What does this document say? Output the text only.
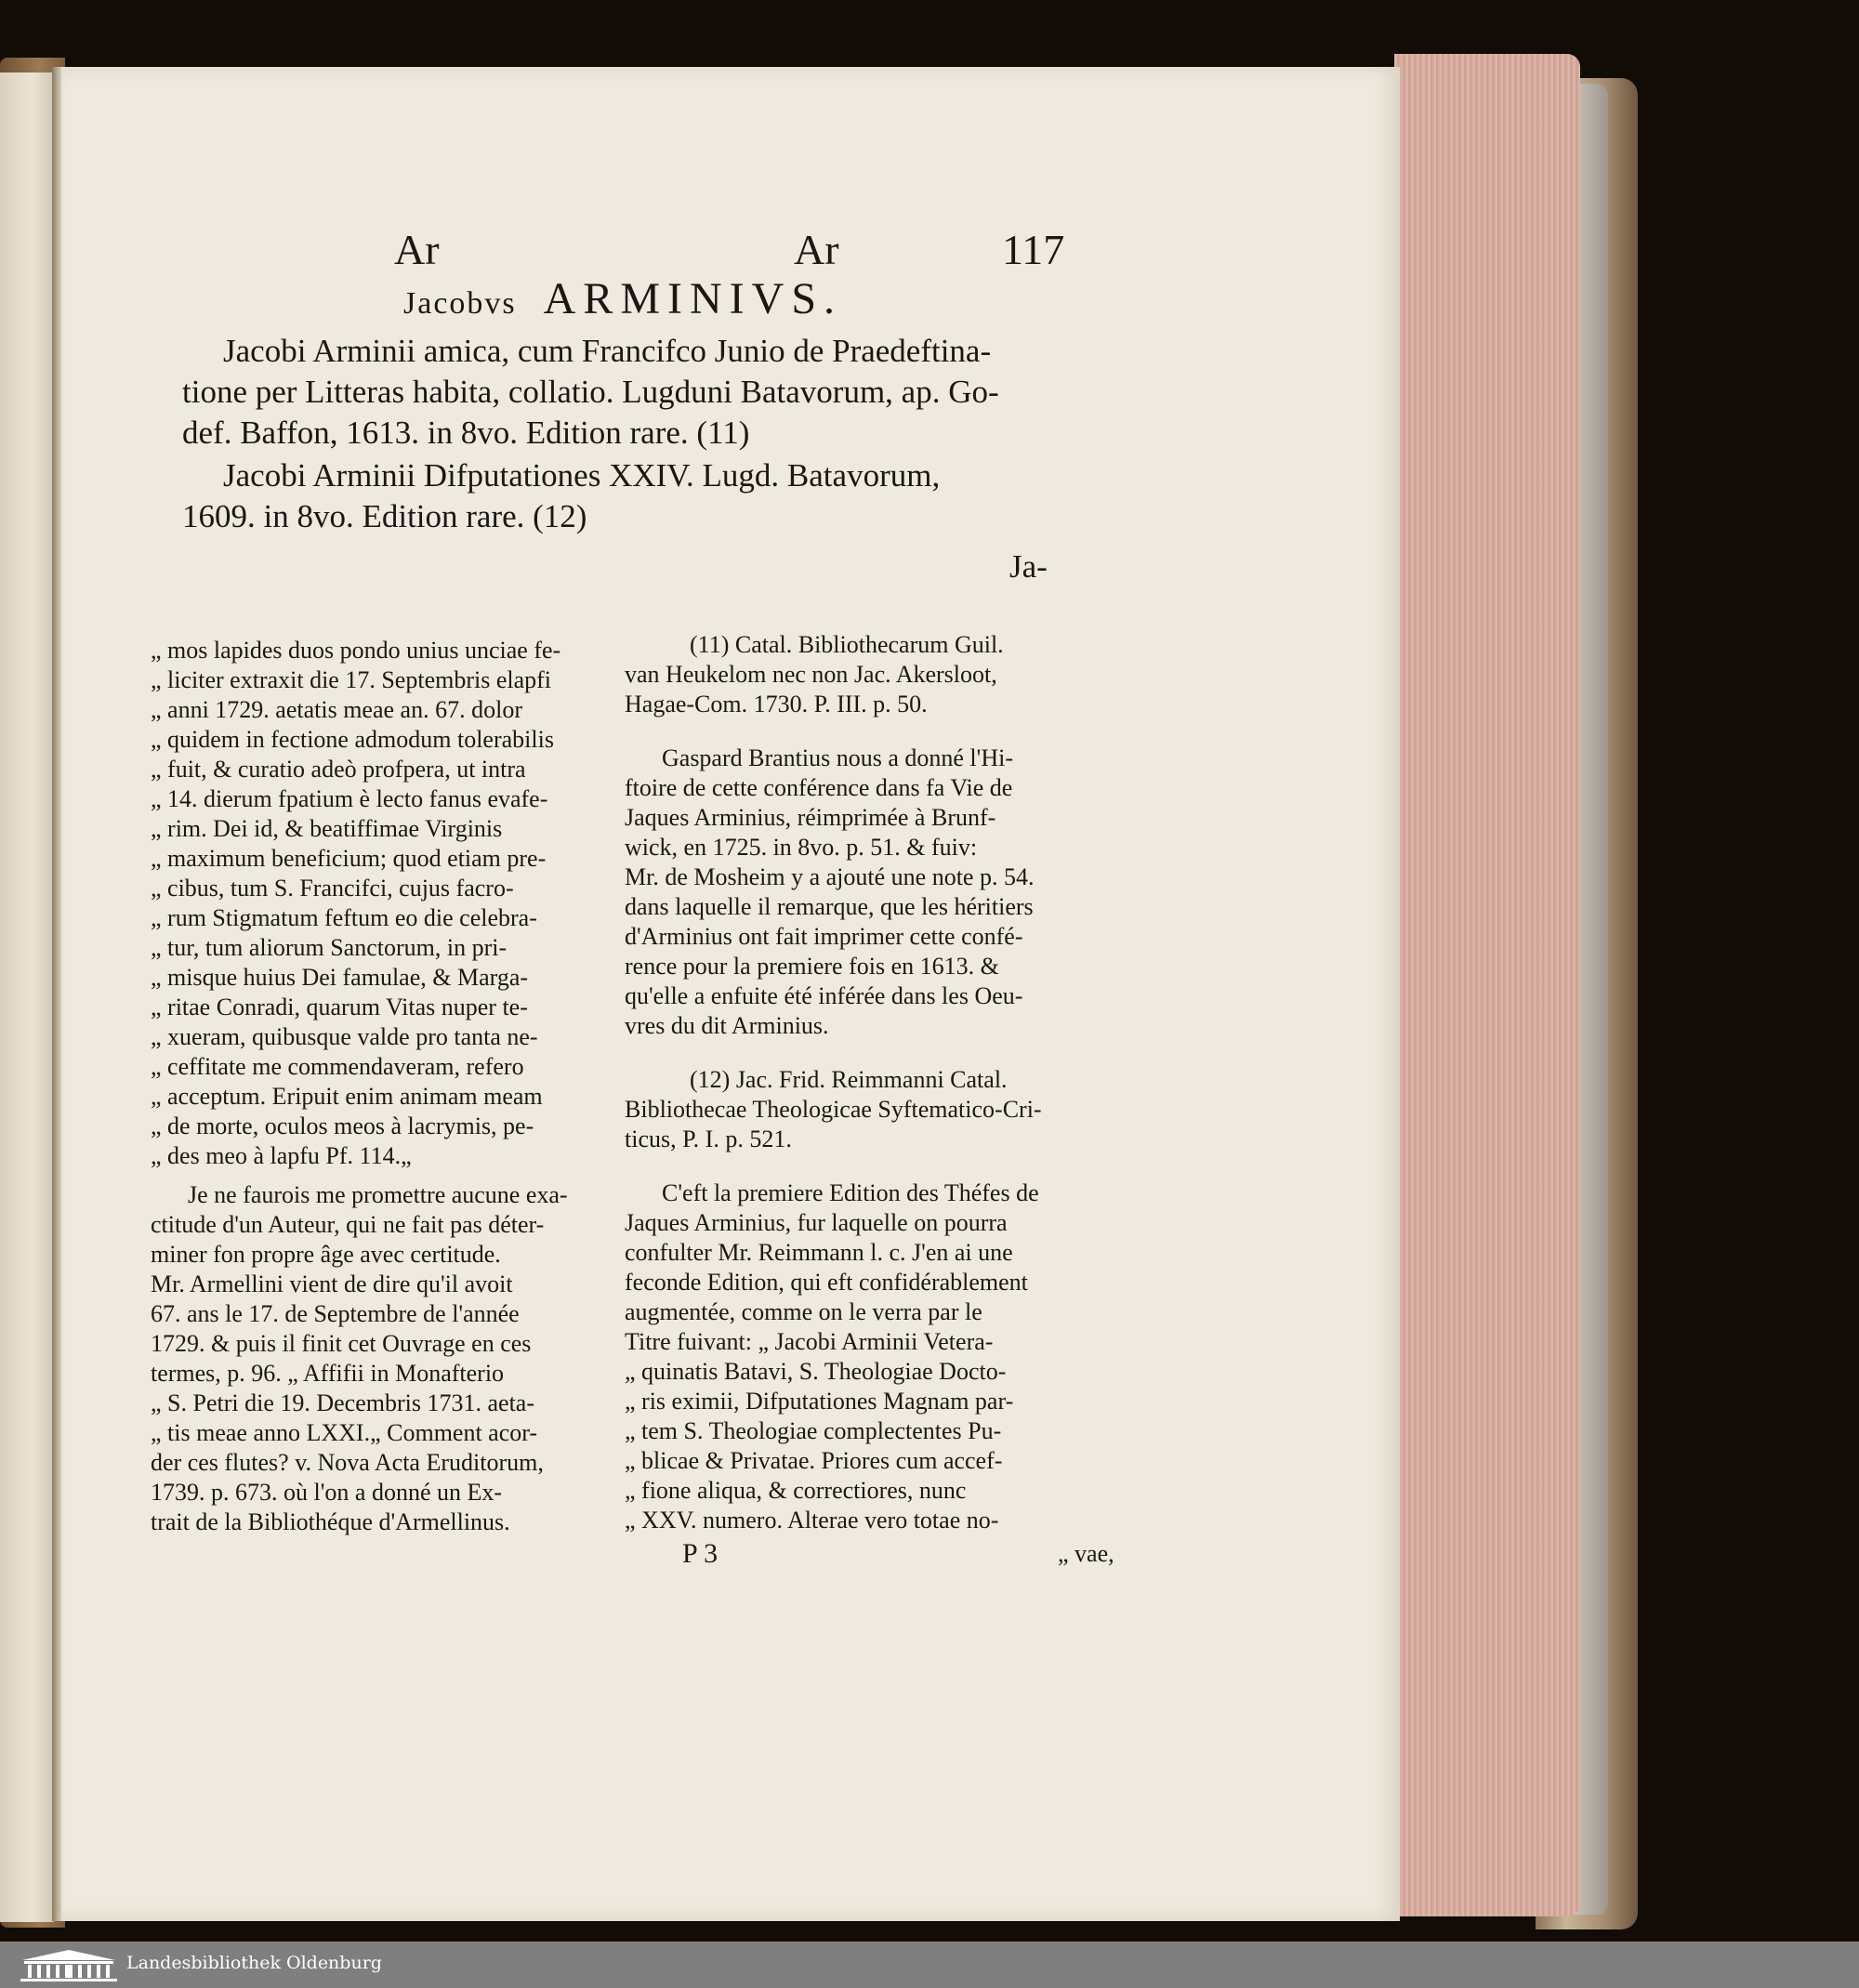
Ar	Ar	117

Jacobvs ARMINIVS.

Jacobi Arminii amica, cum Francifco Junio de Praedeftina-

tione per Litteras habita, collatio. Lugduni Batavorum, ap. Go-

def. Baffon, 1613. in 8vo. Edition rare. (11)

Jacobi Arminii Difputationes XXIV. Lugd. Batavorum,

1609. in 8vo. Edition rare. (12)

Ja-

„ mos lapides duos pondo unius unciae fe-

„ liciter extraxit die 17. Septembris elapfi

„ anni 1729. aetatis meae an. 67. dolor

„ quidem in fectione admodum tolerabilis

„ fuit, & curatio adeò profpera, ut intra

„ 14. dierum fpatium è lecto fanus evafe-

„ rim. Dei id, & beatiffimae Virginis

„ maximum beneficium; quod etiam pre-

„ cibus, tum S. Francifci, cujus facro-

„ rum Stigmatum feftum eo die celebra-

„ tur, tum aliorum Sanctorum, in pri-

„ misque huius Dei famulae, & Marga-

„ ritae Conradi, quarum Vitas nuper te-

„ xueram, quibusque valde pro tanta ne-

„ ceffitate me commendaveram, refero

„ acceptum. Eripuit enim animam meam

„ de morte, oculos meos à lacrymis, pe-

„ des meo à lapfu Pf. 114.„

Je ne faurois me promettre aucune exa-

ctitude d'un Auteur, qui ne fait pas déter-

miner fon propre âge avec certitude.

Mr. Armellini vient de dire qu'il avoit

67. ans le 17. de Septembre de l'année

1729. & puis il finit cet Ouvrage en ces

termes, p. 96. „ Affifii in Monafterio

„ S. Petri die 19. Decembris 1731. aeta-

„ tis meae anno LXXI.„ Comment acor-

der ces flutes? v. Nova Acta Eruditorum,

1739. p. 673. où l'on a donné un Ex-

trait de la Bibliothéque d'Armellinus.

(11) Catal. Bibliothecarum Guil.

van Heukelom nec non Jac. Akersloot,

Hagae-Com. 1730. P. III. p. 50.

Gaspard Brantius nous a donné l'Hi-

ftoire de cette conférence dans fa Vie de

Jaques Arminius, réimprimée à Brunf-

wick, en 1725. in 8vo. p. 51. & fuiv:

Mr. de Mosheim y a ajouté une note p. 54.

dans laquelle il remarque, que les héritiers

d'Arminius ont fait imprimer cette confé-

rence pour la premiere fois en 1613. &

qu'elle a enfuite été inférée dans les Oeu-

vres du dit Arminius.

(12) Jac. Frid. Reimmanni Catal.

Bibliothecae Theologicae Syftematico-Cri-

ticus, P. I. p. 521.

C'eft la premiere Edition des Théfes de

Jaques Arminius, fur laquelle on pourra

confulter Mr. Reimmann l. c. J'en ai une

feconde Edition, qui eft confidérablement

augmentée, comme on le verra par le

Titre fuivant: „ Jacobi Arminii Vetera-

„ quinatis Batavi, S. Theologiae Docto-

„ ris eximii, Difputationes Magnam par-

„ tem S. Theologiae complectentes Pu-

„ blicae & Privatae. Priores cum accef-

„ fione aliqua, & correctiores, nunc

„ XXV. numero. Alterae vero totae no-

P 3	„ vae,

Landesbibliothek Oldenburg
